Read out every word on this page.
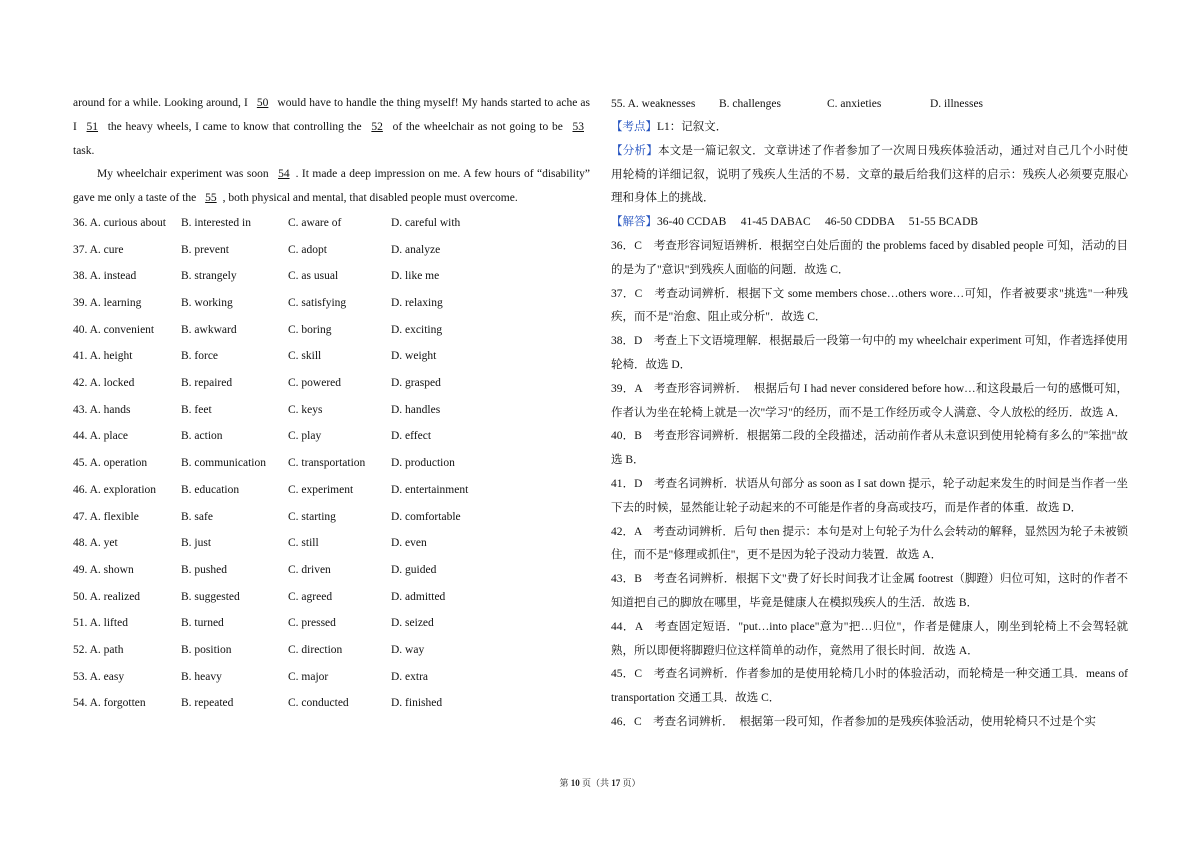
around for a while. Looking around, I 50 would have to handle the thing myself! My hands started to ache as I 51 the heavy wheels, I came to know that controlling the 52 of the wheelchair as not going to be 53 task.

My wheelchair experiment was soon 54 . It made a deep impression on me. A few hours of “disability” gave me only a taste of the 55 , both physical and mental, that disabled people must overcome.

36. A. curious about	B. interested in	C. aware of	D. careful with
37. A. cure	B. prevent	C. adopt	D. analyze
38. A. instead	B. strangely	C. as usual	D. like me
39. A. learning	B. working	C. satisfying	D. relaxing
40. A. convenient	B. awkward	C. boring	D. exciting
41. A. height	B. force	C. skill	D. weight
42. A. locked	B. repaired	C. powered	D. grasped
43. A. hands	B. feet	C. keys	D. handles
44. A. place	B. action	C. play	D. effect
45. A. operation	B. communication	C. transportation	D. production
46. A. exploration	B. education	C. experiment	D. entertainment
47. A. flexible	B. safe	C. starting	D. comfortable
48. A. yet	B. just	C. still	D. even
49. A. shown	B. pushed	C. driven	D. guided
50. A. realized	B. suggested	C. agreed	D. admitted
51. A. lifted	B. turned	C. pressed	D. seized
52. A. path	B. position	C. direction	D. way
53. A. easy	B. heavy	C. major	D. extra
54. A. forgotten	B. repeated	C. conducted	D. finished
55. A. weaknesses	B. challenges	C. anxieties	D. illnesses

【考点】L1：记叙文．

【分析】本文是一篇记叙文．文章讲述了作者参加了一次周日残疾体验活动，通过对自己几个小时使用轮椅的详细记叙，说明了残疾人生活的不易．文章的最后给我们这样的启示：残疾人必须要克服心理和身体上的挑战．

【解答】36-40 CCDAB　 41-45 DABAC　 46-50 CDDBA　 51-55 BCADB

36．C　考查形容词短语辨析．根据空白处后面的 the problems faced by disabled people 可知，活动的目的是为了"意识"到残疾人面临的问题．故选 C．

37．C　考查动词辨析．根据下文 some members chose…others wore…可知，作者被要求"挑选"一种残疾，而不是"治愈、阻止或分析"．故选 C．

38．D　考查上下文语境理解．根据最后一段第一句中的 my wheelchair experiment 可知，作者选择使用轮椅．故选 D．

39．A　考查形容词辨析．　根据后句 I had never considered before how…和这段最后一句的感慨可知，作者认为坐在轮椅上就是一次"学习"的经历，而不是工作经历或令人满意、令人放松的经历．故选 A．

40．B　考查形容词辨析．根据第二段的全段描述，活动前作者从未意识到使用轮椅有多么的"笨拙"故选 B．

41．D　考查名词辨析．状语从句部分 as soon as I sat down 提示，轮子动起来发生的时间是当作者一坐下去的时候，显然能让轮子动起来的不可能是作者的身高或技巧，而是作者的体重．故选 D．

42．A　考查动词辨析．后句 then 提示：本句是对上句轮子为什么会转动的解释，显然因为轮子未被锁住，而不是"修理或抓住"，更不是因为轮子没动力装置．故选 A．

43．B　考查名词辨析．根据下文"费了好长时间我才让金属 footrest（脚蹬）归位可知，这时的作者不知道把自己的脚放在哪里，毕竟是健康人在模拟残疾人的生活．故选 B．

44．A　考查固定短语．"put…into place"意为"把…归位"，作者是健康人，刚坐到轮椅上不会驾轻就熟，所以即便将脚蹬归位这样简单的动作，竟然用了很长时间．故选 A．

45．C　考查名词辨析．作者参加的是使用轮椅几小时的体验活动，而轮椅是一种交通工具．means of transportation 交通工具．故选 C．

46．C　考查名词辨析．　根据第一段可知，作者参加的是残疾体验活动，使用轮椅只不过是个实

第 10 页（共 17 页）
